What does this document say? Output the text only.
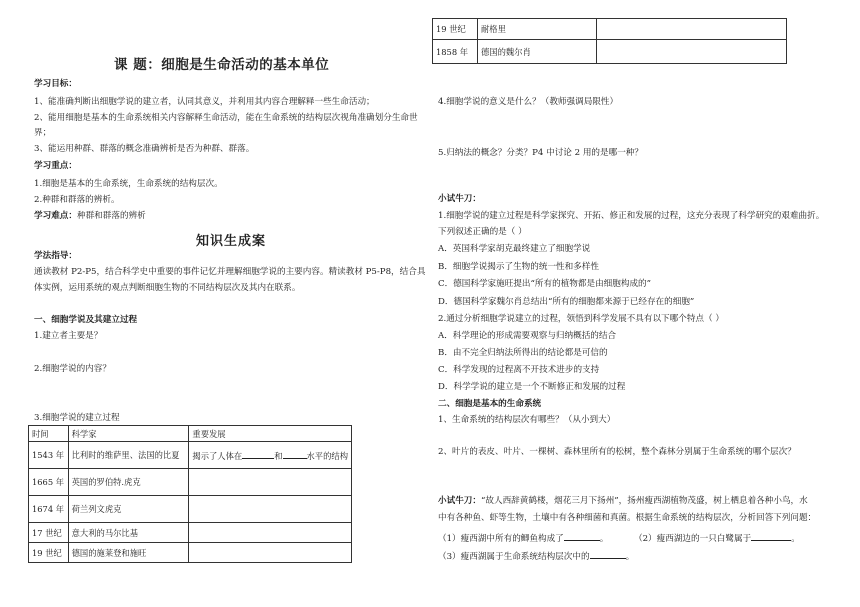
课 题：细胞是生命活动的基本单位
学习目标：
1、能准确判断出细胞学说的建立者，认同其意义，并利用其内容合理解释一些生命活动；
2、能用细胞是基本的生命系统相关内容解释生命活动，能在生命系统的结构层次视角准确划分生命世
界；
3、能运用种群、群落的概念准确辨析是否为种群、群落。
学习重点：
1.细胞是基本的生命系统，生命系统的结构层次。
2.种群和群落的辨析。
学习难点：种群和群落的辨析
知识生成案
学法指导：
通读教材 P2-P5，结合科学史中重要的事件记忆并理解细胞学说的主要内容。精读教材 P5-P8，结合具
体实例，运用系统的观点判断细胞生物的不同结构层次及其内在联系。
一、细胞学说及其建立过程
1.建立者主要是？
2.细胞学说的内容？
3.细胞学说的建立过程
时间	科学家	重要发展
1543 年	比利时的维萨里、法国的比夏	揭示了人体在 和 水平的结构
1665 年	英国的罗伯特.虎克	
1674 年	荷兰列文虎克	
17 世纪	意大利的马尔比基	
19 世纪	德国的施莱登和施旺	
19 世纪	耐格里	
1858 年	德国的魏尔肖	
4.细胞学说的意义是什么？（教师强调局限性）
5.归纳法的概念？分类？P4 中讨论 2 用的是哪一种？
小试牛刀：
1.细胞学说的建立过程是科学家探究、开拓、修正和发展的过程，这充分表现了科学研究的艰难曲折。
下列叙述正确的是（ ）
A．英国科学家胡克最终建立了细胞学说
B．细胞学说揭示了生物的统一性和多样性
C．德国科学家施旺提出“所有的植物都是由细胞构成的”
D．德国科学家魏尔肖总结出“所有的细胞都来源于已经存在的细胞”
2.通过分析细胞学说建立的过程，领悟到科学发展不具有以下哪个特点（ ）
A．科学理论的形成需要观察与归纳概括的结合
B．由不完全归纳法所得出的结论都是可信的
C．科学发现的过程离不开技术进步的支持
D．科学学说的建立是一个不断修正和发展的过程
二、细胞是基本的生命系统
1、生命系统的结构层次有哪些？（从小到大）
2、叶片的表皮、叶片、一棵树、森林里所有的松树，整个森林分别属于生命系统的哪个层次？
小试牛刀：“故人西辞黄鹤楼，烟花三月下扬州”，扬州瘦西湖植物茂盛，树上栖息着各种小鸟，水
中有各种鱼、虾等生物，土壤中有各种细菌和真菌。根据生命系统的结构层次，分析回答下列问题：
（1）瘦西湖中所有的鲫鱼构成了	。	（2）瘦西湖边的一只白鹭属于	。
（3）瘦西湖属于生命系统结构层次中的	。
